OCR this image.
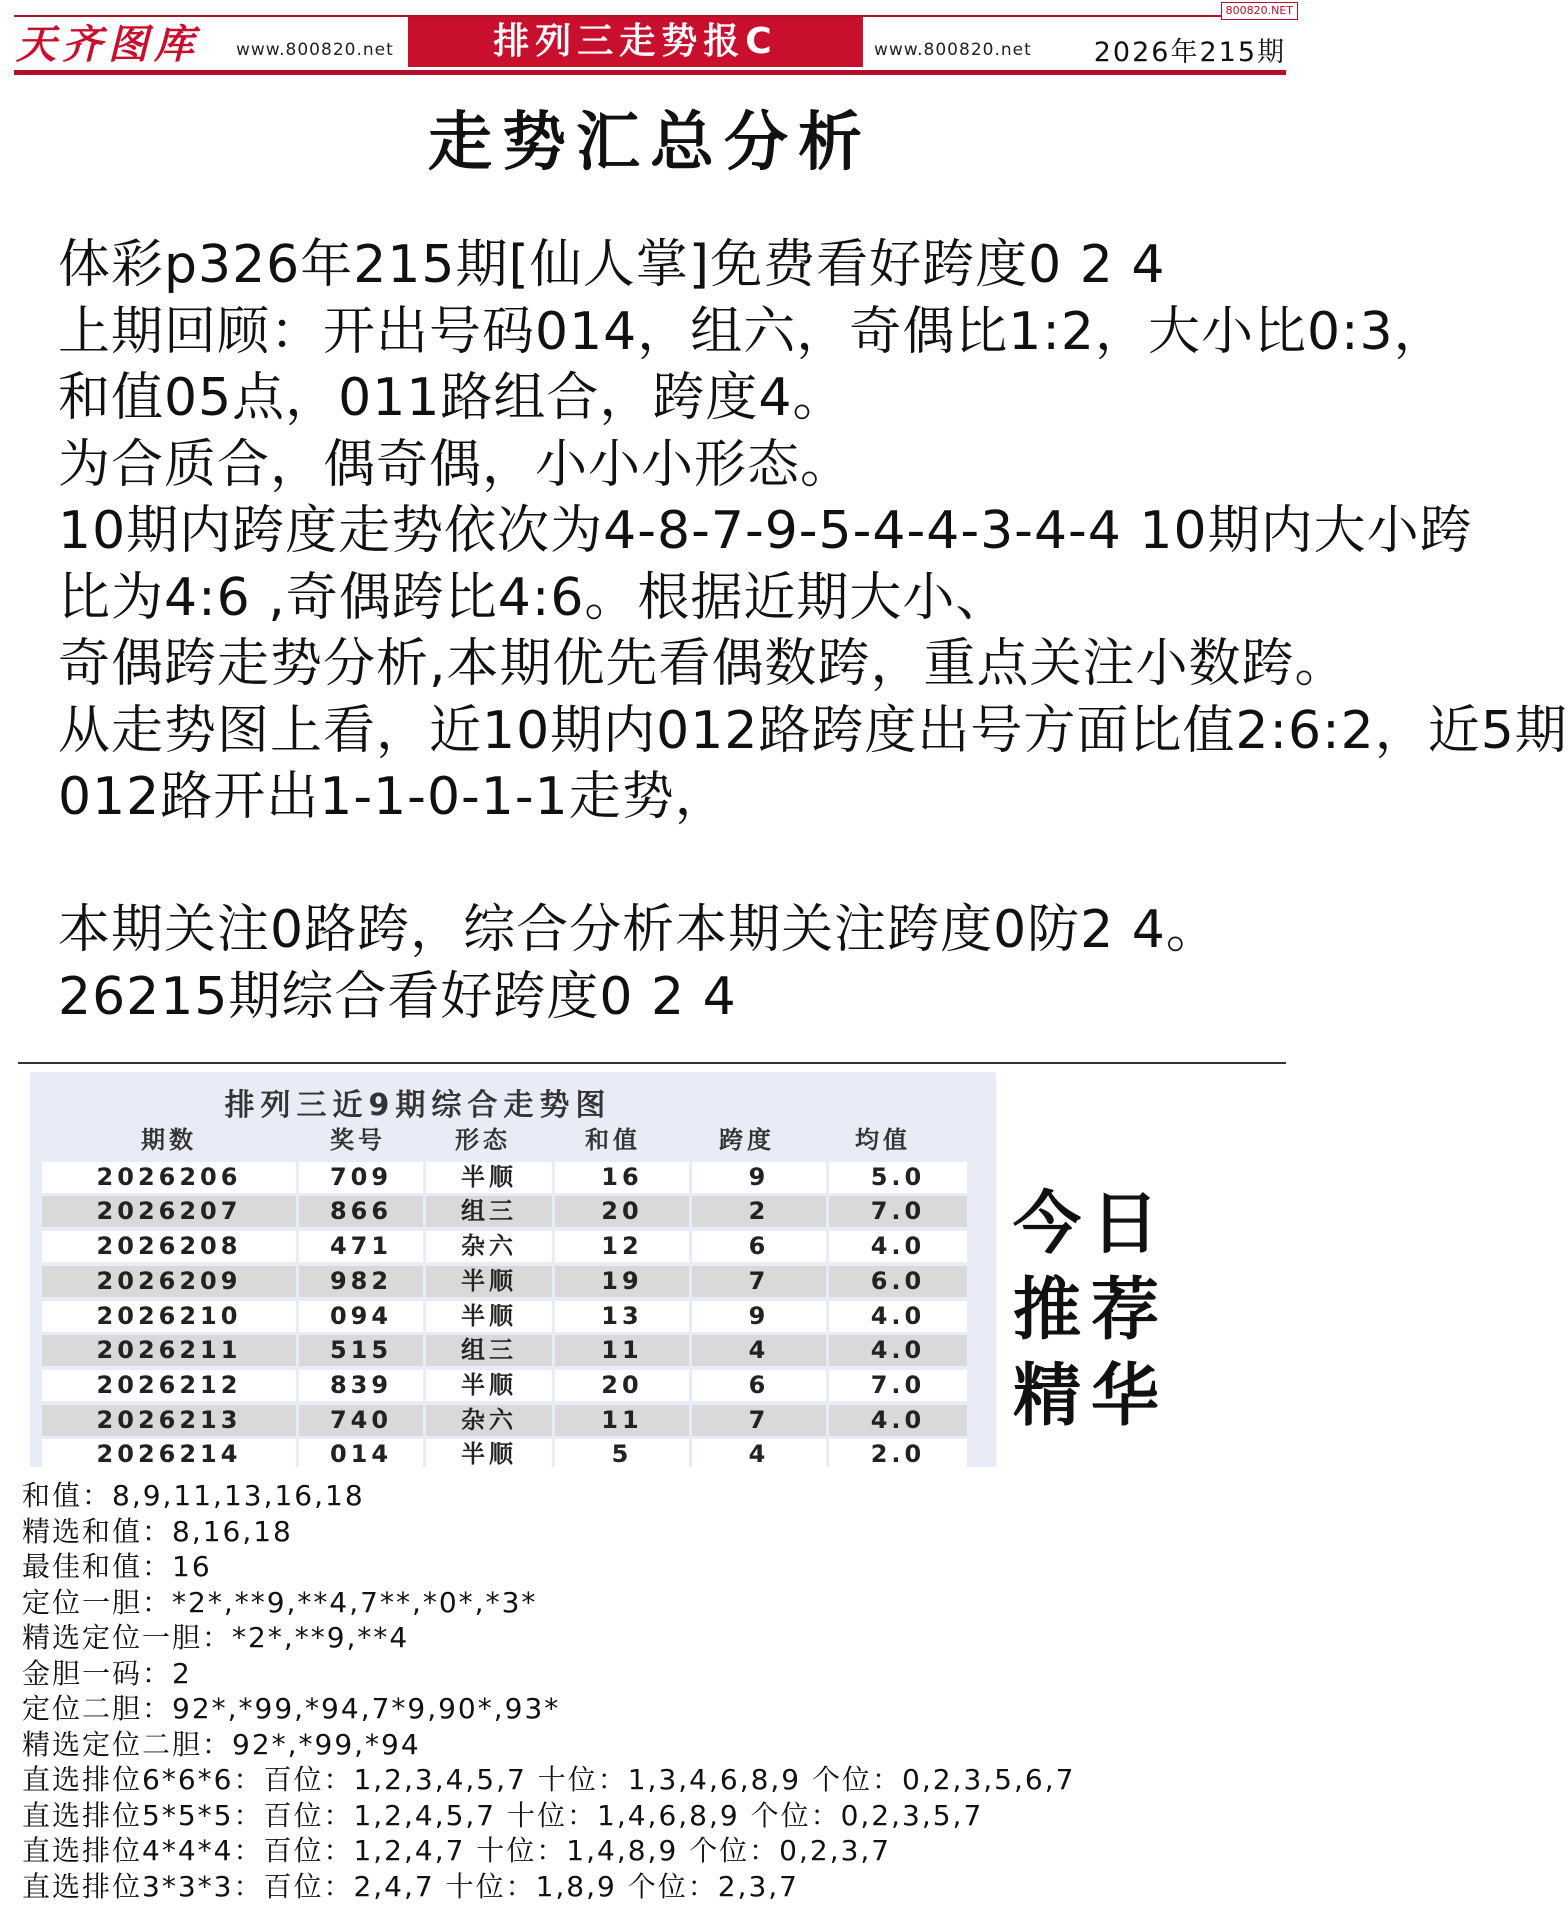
天齐图库 www.800820.net	排列三走势报C	www.800820.net 2026年215期
800820.NET
走势汇总分析
体彩p326年215期[仙人掌]免费看好跨度0 2 4
上期回顾：开出号码014，组六，奇偶比1:2，大小比0:3，
和值05点，011路组合，跨度4。
为合质合，偶奇偶，小小小形态。
10期内跨度走势依次为4-8-7-9-5-4-4-3-4-4 10期内大小跨
比为4:6 ,奇偶跨比4:6。根据近期大小、
奇偶跨走势分析,本期优先看偶数跨，重点关注小数跨。
从走势图上看，近10期内012路跨度出号方面比值2:6:2，近5期
012路开出1-1-0-1-1走势，
本期关注0路跨，综合分析本期关注跨度0防2 4。
26215期综合看好跨度0 2 4
排列三近9期综合走势图
期数	奖号	形态	和值	跨度	均值
2026206	709	半顺	16	9	5.0
2026207	866	组三	20	2	7.0
2026208	471	杂六	12	6	4.0
2026209	982	半顺	19	7	6.0
2026210	094	半顺	13	9	4.0
2026211	515	组三	11	4	4.0
2026212	839	半顺	20	6	7.0
2026213	740	杂六	11	7	4.0
2026214	014	半顺	5	4	2.0
今日
推荐
精华
和值：8,9,11,13,16,18
精选和值：8,16,18
最佳和值：16
定位一胆：*2*,**9,**4,7**,*0*,*3*
精选定位一胆：*2*,**9,**4
金胆一码：2
定位二胆：92*,*99,*94,7*9,90*,93*
精选定位二胆：92*,*99,*94
直选排位6*6*6：百位：1,2,3,4,5,7 十位：1,3,4,6,8,9 个位：0,2,3,5,6,7
直选排位5*5*5：百位：1,2,4,5,7 十位：1,4,6,8,9 个位：0,2,3,5,7
直选排位4*4*4：百位：1,2,4,7 十位：1,4,8,9 个位：0,2,3,7
直选排位3*3*3：百位：2,4,7 十位：1,8,9 个位：2,3,7
